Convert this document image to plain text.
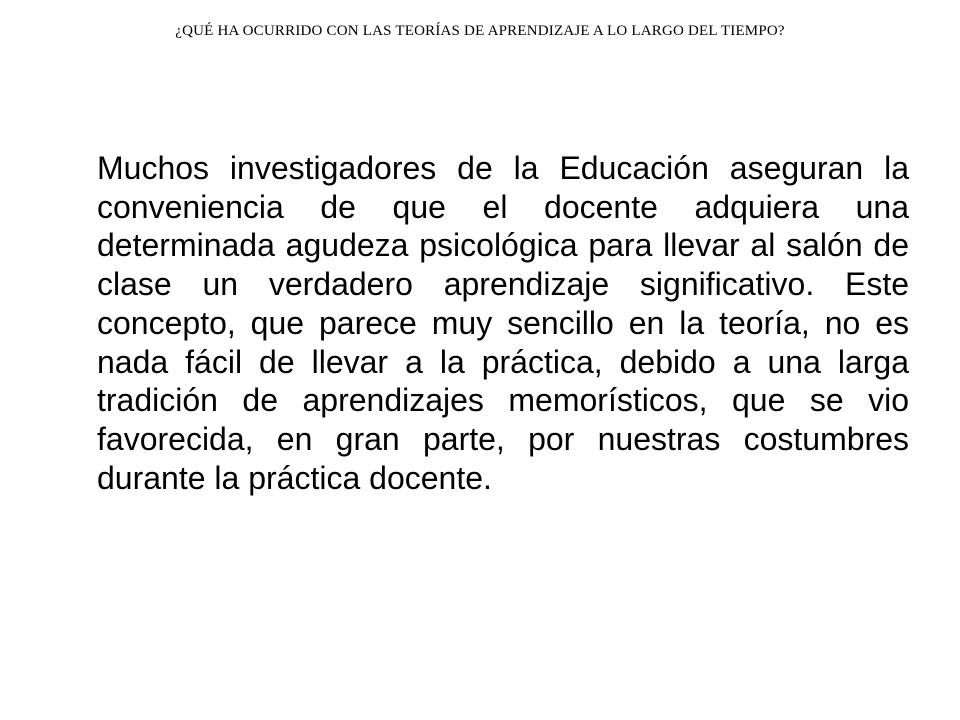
¿QUÉ HA OCURRIDO CON LAS TEORÍAS DE APRENDIZAJE A LO LARGO DEL TIEMPO?

Muchos investigadores de la Educación aseguran la conveniencia de que el docente adquiera una determinada agudeza psicológica para llevar al salón de clase un verdadero aprendizaje significativo. Este concepto, que parece muy sencillo en la teoría, no es nada fácil de llevar a la práctica, debido a una larga tradición de aprendizajes memorísticos, que se vio favorecida, en gran parte, por nuestras costumbres durante la práctica docente.
